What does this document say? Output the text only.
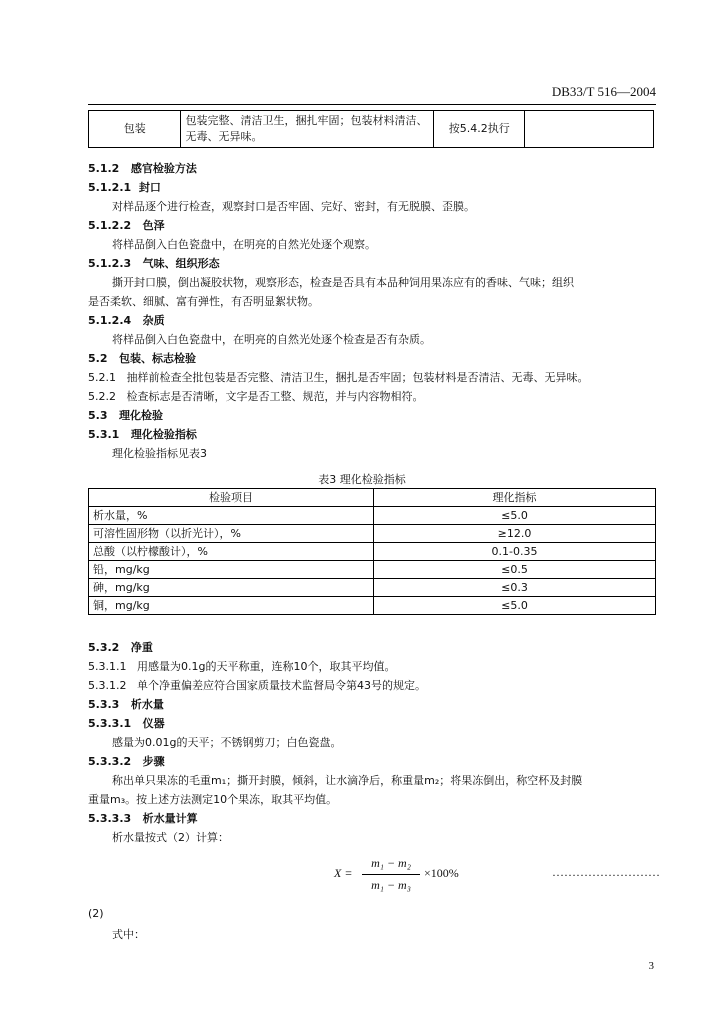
DB33/T 516—2004
包装	包装完整、清洁卫生，捆扎牢固；包装材料清洁、无毒、无异味。	按5.4.2执行	
5.1.2 感官检验方法
5.1.2.1 封口
对样品逐个进行检查，观察封口是否牢固、完好、密封，有无脱膜、歪膜。
5.1.2.2 色泽
将样品倒入白色瓷盘中，在明亮的自然光处逐个观察。
5.1.2.3 气味、组织形态
撕开封口膜，倒出凝胶状物，观察形态，检查是否具有本品种饲用果冻应有的香味、气味；组织
是否柔软、细腻、富有弹性，有否明显絮状物。
5.1.2.4 杂质
将样品倒入白色瓷盘中，在明亮的自然光处逐个检查是否有杂质。
5.2 包装、标志检验
5.2.1 抽样前检查全批包装是否完整、清洁卫生，捆扎是否牢固；包装材料是否清洁、无毒、无异味。
5.2.2 检查标志是否清晰，文字是否工整、规范，并与内容物相符。
5.3 理化检验
5.3.1 理化检验指标
理化检验指标见表3
表3 理化检验指标
检验项目	理化指标
析水量，%	≤5.0
可溶性固形物（以折光计），%	≥12.0
总酸（以柠檬酸计），%	0.1-0.35
铅，mg/kg	≤0.5
砷，mg/kg	≤0.3
铜，mg/kg	≤5.0
5.3.2 净重
5.3.1.1 用感量为0.1g的天平称重，连称10个，取其平均值。
5.3.1.2 单个净重偏差应符合国家质量技术监督局令第43号的规定。
5.3.3 析水量
5.3.3.1 仪器
感量为0.01g的天平；不锈钢剪刀；白色瓷盘。
5.3.3.2 步骤
称出单只果冻的毛重m₁；撕开封膜，倾斜，让水滴净后，称重量m₂；将果冻倒出，称空杯及封膜
重量m₃。按上述方法测定10个果冻，取其平均值。
5.3.3.3 析水量计算
析水量按式（2）计算：
X =
m₁ − m₂
m₁ − m₃
×100%	………………………
(2)
式中：
3
